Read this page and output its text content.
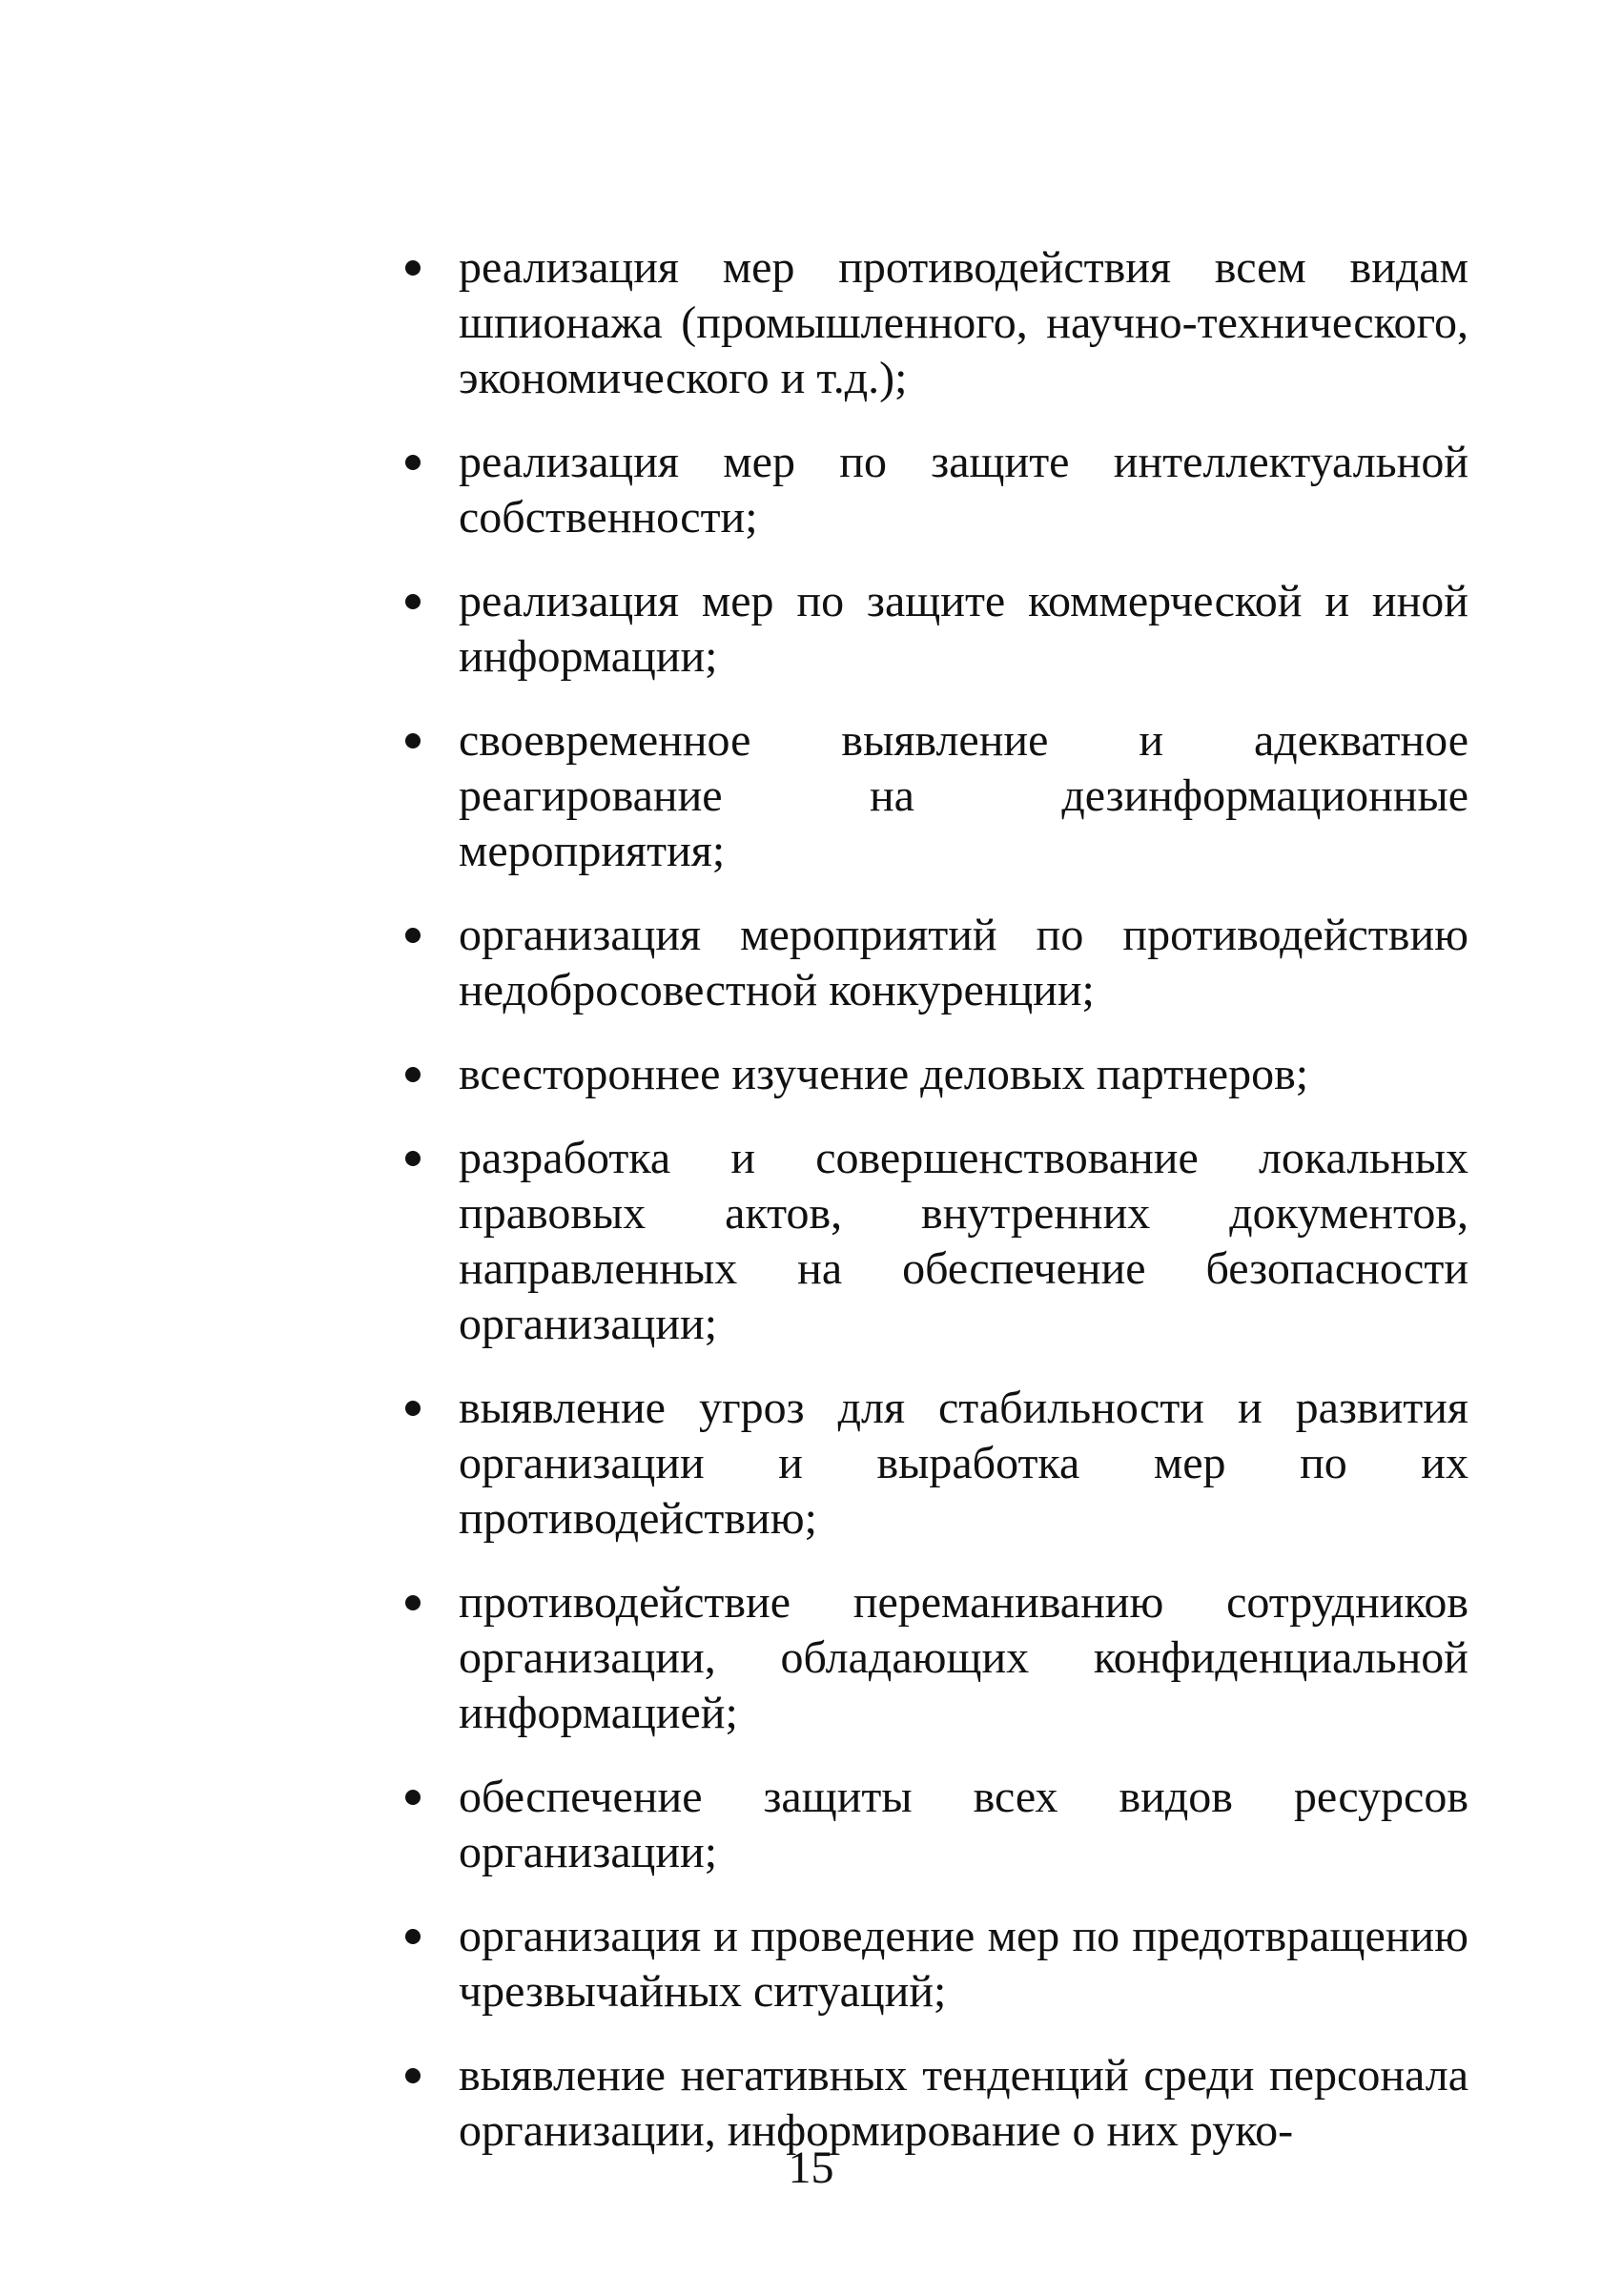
реализация мер противодействия всем видам шпионажа (промышленного, научно-технического, экономического и т.д.);
реализация мер по защите интеллектуальной собственности;
реализация мер по защите коммерческой и иной информации;
своевременное выявление и адекватное реагирование на дезинформационные мероприятия;
организация мероприятий по противодействию недобросовестной конкуренции;
всестороннее изучение деловых партнеров;
разработка и совершенствование локальных правовых актов, внутренних документов, направленных на обеспечение безопасности организации;
выявление угроз для стабильности и развития организации и выработка мер по их противодействию;
противодействие переманиванию сотрудников организации, обладающих конфиденциальной информацией;
обеспечение защиты всех видов ресурсов организации;
организация и проведение мер по предотвращению чрезвычайных ситуаций;
выявление негативных тенденций среди персонала организации, информирование о них руко-
15
